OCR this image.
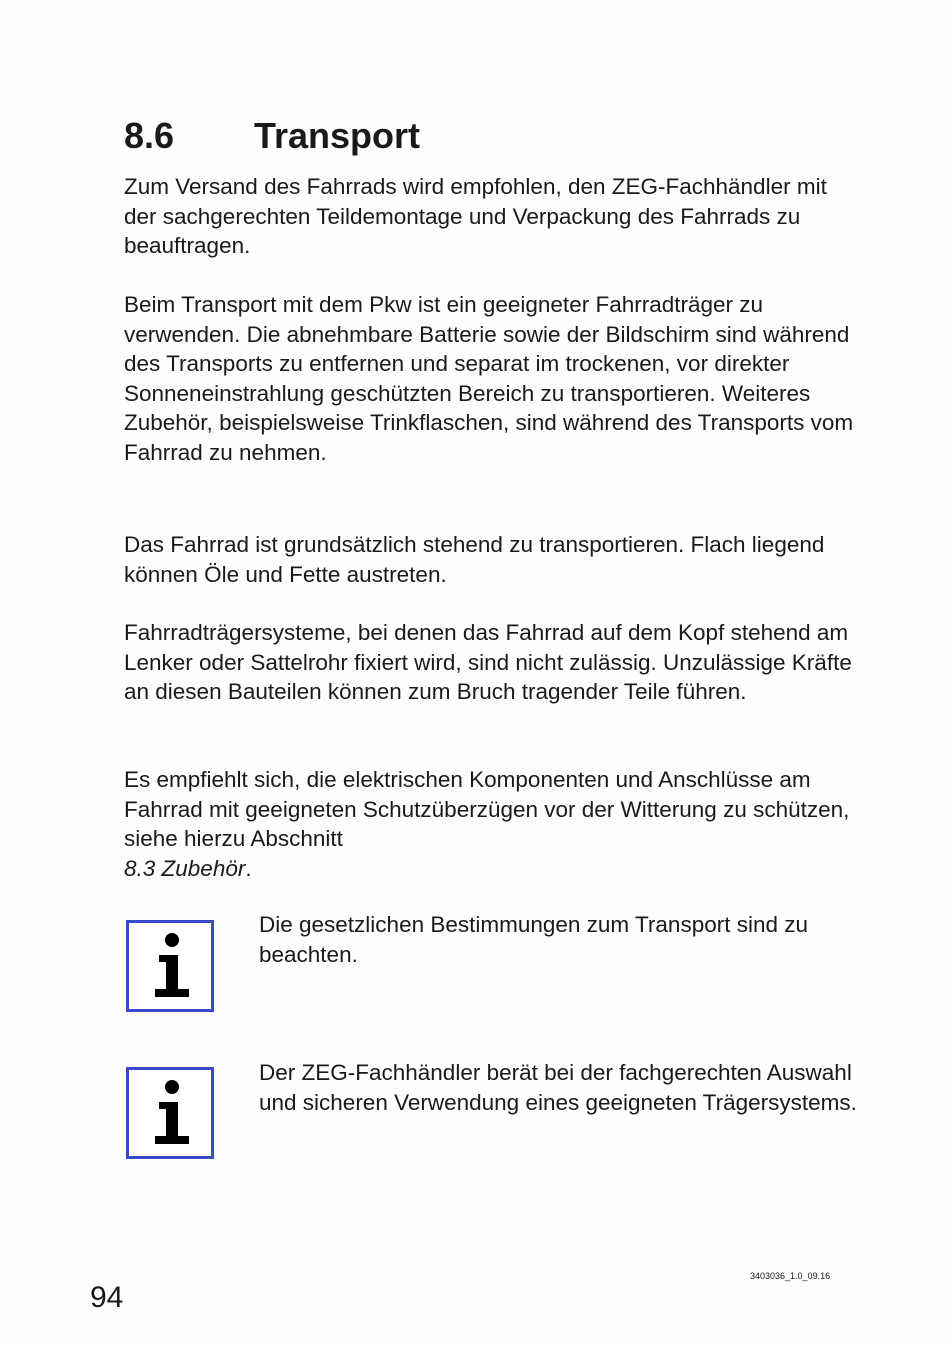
8.6 Transport

Zum Versand des Fahrrads wird empfohlen, den ZEG-Fachhändler mit der sachgerechten Teildemontage und Verpackung des Fahrrads zu beauftragen.

Beim Transport mit dem Pkw ist ein geeigneter Fahrradträger zu verwenden. Die abnehmbare Batterie sowie der Bildschirm sind während des Transports zu entfernen und separat im trockenen, vor direkter Sonneneinstrahlung geschützten Bereich zu transportieren. Weiteres Zubehör, beispielsweise Trinkflaschen, sind während des Transports vom Fahrrad zu nehmen.

Das Fahrrad ist grundsätzlich stehend zu transportieren. Flach liegend können Öle und Fette austreten.

Fahrradträgersysteme, bei denen das Fahrrad auf dem Kopf stehend am Lenker oder Sattelrohr fixiert wird, sind nicht zulässig. Unzulässige Kräfte an diesen Bauteilen können zum Bruch tragender Teile führen.

Es empfiehlt sich, die elektrischen Komponenten und Anschlüsse am Fahrrad mit geeigneten Schutzüberzügen vor der Witterung zu schützen, siehe hierzu Abschnitt
8.3 Zubehör.

Die gesetzlichen Bestimmungen zum Transport sind zu beachten.

Der ZEG-Fachhändler berät bei der fachgerechten Auswahl und sicheren Verwendung eines geeigneten Trägersystems.

3403036_1.0_09.16
94
